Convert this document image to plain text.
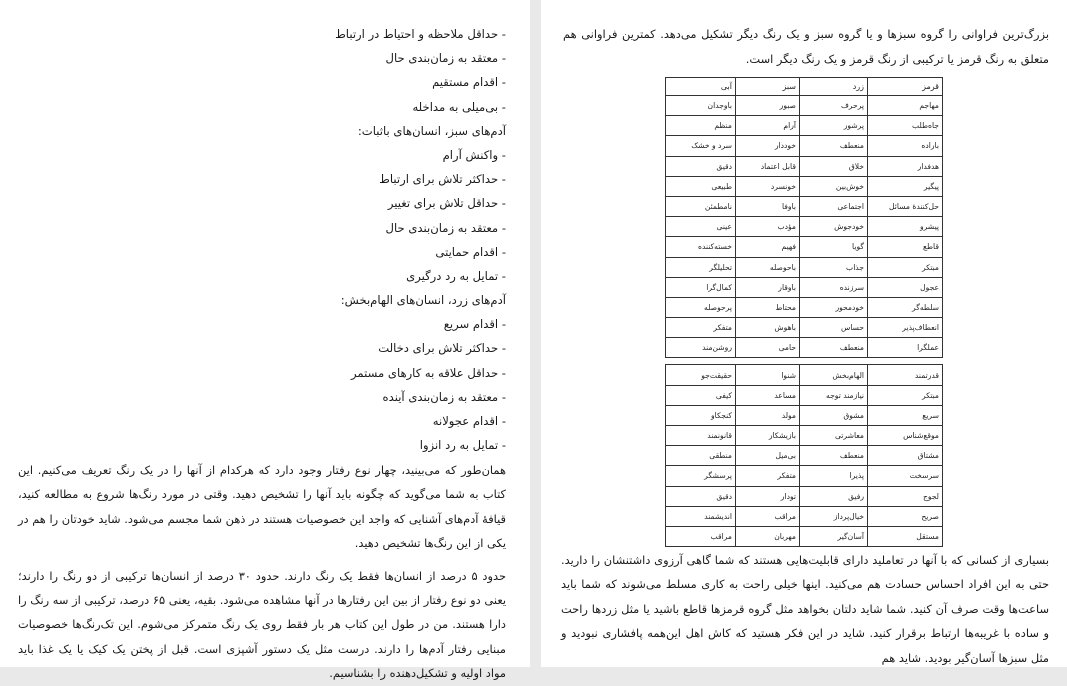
- حداقل ملاحظه و احتیاط در ارتباط
- معتقد به زمان‌بندی حال
- اقدام مستقیم
- بی‌میلی به مداخله
آدم‌های سبز، انسان‌های باثبات:
- واکنش آرام
- حداکثر تلاش برای ارتباط
- حداقل تلاش برای تغییر
- معتقد به زمان‌بندی حال
- اقدام حمایتی
- تمایل به رد درگیری
آدم‌های زرد، انسان‌های الهام‌بخش:
- اقدام سریع
- حداکثر تلاش برای دخالت
- حداقل علاقه به کارهای مستمر
- معتقد به زمان‌بندی آینده
- اقدام عجولانه
- تمایل به رد انزوا
همان‌طور که می‌بینید، چهار نوع رفتار وجود دارد که هرکدام از آنها را در یک رنگ تعریف می‌کنیم. این کتاب به شما می‌گوید که چگونه باید آنها را تشخیص دهید. وقتی در مورد رنگ‌ها شروع به مطالعه کنید، قیافهٔ آدم‌های آشنایی که واجد این خصوصیات هستند در ذهن شما مجسم می‌شود. شاید خودتان را هم در یکی از این رنگ‌ها تشخیص دهید.
حدود ۵ درصد از انسان‌ها فقط یک رنگ دارند. حدود ۳۰ درصد از انسان‌ها ترکیبی از دو رنگ را دارند؛ یعنی دو نوع رفتار از بین این رفتارها در آنها مشاهده می‌شود. بقیه، یعنی ۶۵ درصد، ترکیبی از سه رنگ را دارا هستند. من در طول این کتاب هر بار فقط روی یک رنگ متمرکز می‌شوم. این تک‌رنگ‌ها خصوصیات مبنایی رفتار آدم‌ها را دارند. درست مثل یک دستور آشپزی است. قبل از پختن یک کیک یا یک غذا باید مواد اولیه و تشکیل‌دهنده را بشناسیم.
بزرگ‌ترین فراوانی را گروه سبزها و یا گروه سبز و یک رنگ دیگر تشکیل می‌دهد. کمترین فراوانی هم متعلق به رنگ قرمز یا ترکیبی از رنگ قرمز و یک رنگ دیگر است.
قرمز	زرد	سبز	آبی
مهاجم	پرحرف	صبور	باوجدان
جاه‌طلب	پرشور	آرام	منظم
باراده	منعطف	خوددار	سرد و خشک
هدفدار	خلاق	قابل اعتماد	دقیق
پیگیر	خوش‌بین	خونسرد	طبیعی
حل‌کنندهٔ مسائل	اجتماعی	باوفا	نامطمئن
پیشرو	خودجوش	مؤدب	عینی
قاطع	گویا	فهیم	خسته‌کننده
مبتکر	جذاب	باحوصله	تحلیلگر
عجول	سرزنده	باوقار	کمال‌گرا
سلطه‌گر	خودمحور	محتاط	پرحوصله
انعطاف‌پذیر	حساس	باهوش	متفکر
عملگرا	منعطف	حامی	روشن‌مند
قدرتمند	الهام‌بخش	شنوا	حقیقت‌جو
مبتکر	نیازمند توجه	مساعد	کیفی
سریع	مشوق	مولد	کنجکاو
موقع‌شناس	معاشرتی	بازیشکار	قانونمند
مشتاق	منعطف	بی‌میل	منطقی
سرسخت	پذیرا	متفکر	پرسشگر
لجوج	رفیق	تودار	دقیق
صریح	خیال‌پرداز	مراقب	اندیشمند
مستقل	آسان‌گیر	مهربان	مراقب
بسیاری از کسانی که با آنها در تعاملید دارای قابلیت‌هایی هستند که شما گاهی آرزوی داشتنشان را دارید. حتی به این افراد احساس حسادت هم می‌کنید. اینها خیلی راحت به کاری مسلط می‌شوند که شما باید ساعت‌ها وقت صرف آن کنید. شما شاید دلتان بخواهد مثل گروه قرمزها قاطع باشید یا مثل زردها راحت و ساده با غریبه‌ها ارتباط برقرار کنید. شاید در این فکر هستید که کاش اهل این‌همه پافشاری نبودید و مثل سبزها آسان‌گیر بودید. شاید هم
